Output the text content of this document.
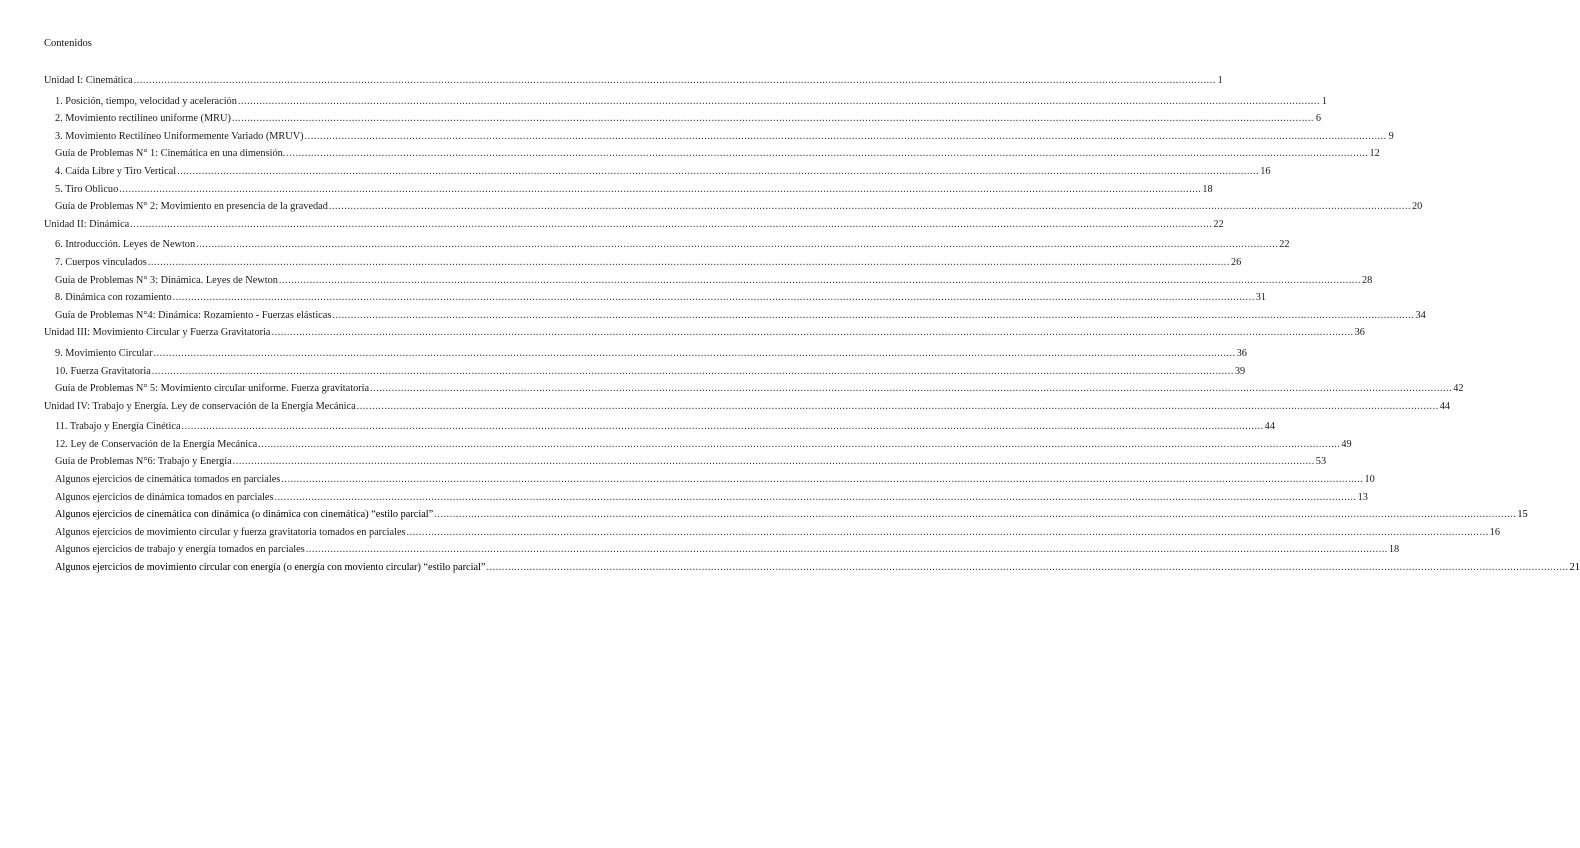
Contenidos
Unidad I: Cinemática .....	1
1. Posición, tiempo, velocidad y aceleración .....	1
2. Movimiento rectilíneo uniforme (MRU) .....	6
3. Movimiento Rectilíneo Uniformemente Variado (MRUV) .....	9
Guía de Problemas N° 1: Cinemática en una dimensión. .....	12
4. Caída Libre y Tiro Vertical .....	16
5. Tiro Oblicuo .....	18
Guía de Problemas N° 2: Movimiento en presencia de la gravedad .....	20
Unidad II: Dinámica .....	22
6. Introducción. Leyes de Newton .....	22
7. Cuerpos vinculados .....	26
Guía de Problemas N° 3: Dinámica. Leyes de Newton .....	28
8. Dinámica con rozamiento .....	31
Guía de Problemas N°4: Dinámica: Rozamiento - Fuerzas elásticas .....	34
Unidad III: Movimiento Circular y Fuerza Gravitatoria .....	36
9. Movimiento Circular .....	36
10. Fuerza Gravitatoria .....	39
Guía de Problemas N° 5: Movimiento circular uniforme. Fuerza gravitatoria .....	42
Unidad IV: Trabajo y Energía. Ley de conservación de la Energía Mecánica .....	44
11. Trabajo y Energía Cinética .....	44
12. Ley de Conservación de la Energía Mecánica .....	49
Guía de Problemas N°6: Trabajo y Energía .....	53
Algunos ejercicios de cinemática tomados en parciales .....	10
Algunos ejercicios de dinámica tomados en parciales .....	13
Algunos ejercicios de cinemática con dinámica (o dinámica con cinemática) “estilo parcial” .....	15
Algunos ejercicios de movimiento circular y fuerza gravitatoria tomados en parciales .....	16
Algunos ejercicios de trabajo y energía tomados en parciales .....	18
Algunos ejercicios de movimiento circular con energía (o energía con moviento circular) “estilo parcial” .....	21
